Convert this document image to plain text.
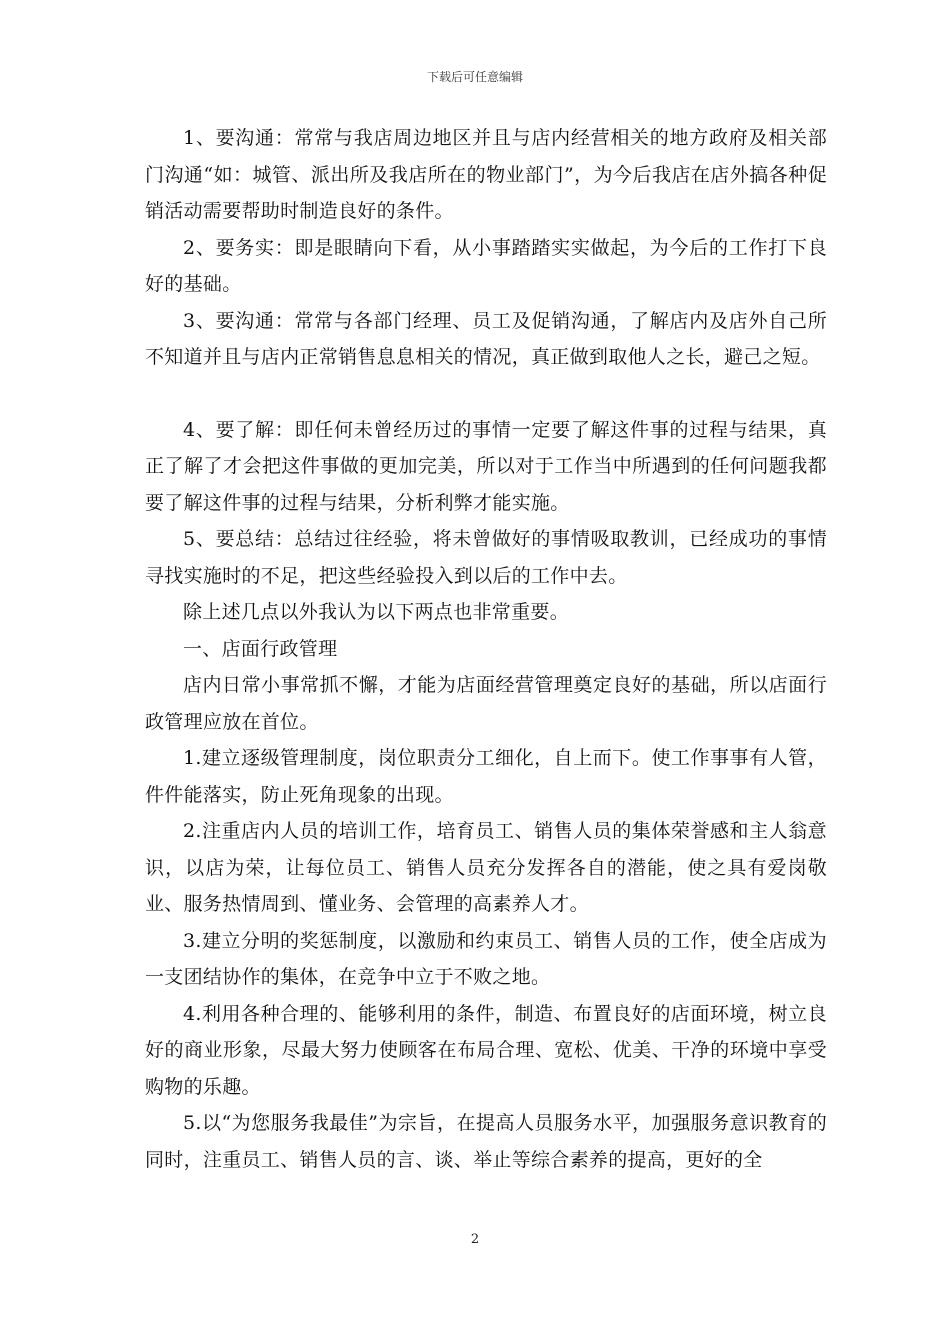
下载后可任意编辑

1、要沟通：常常与我店周边地区并且与店内经营相关的地方政府及相关部门沟通“如：城管、派出所及我店所在的物业部门”，为今后我店在店外搞各种促销活动需要帮助时制造良好的条件。

2、要务实：即是眼睛向下看，从小事踏踏实实做起，为今后的工作打下良好的基础。

3、要沟通：常常与各部门经理、员工及促销沟通，了解店内及店外自己所不知道并且与店内正常销售息息相关的情况，真正做到取他人之长，避己之短。

4、要了解：即任何未曾经历过的事情一定要了解这件事的过程与结果，真正了解了才会把这件事做的更加完美，所以对于工作当中所遇到的任何问题我都要了解这件事的过程与结果，分析利弊才能实施。

5、要总结：总结过往经验，将未曾做好的事情吸取教训，已经成功的事情寻找实施时的不足，把这些经验投入到以后的工作中去。

除上述几点以外我认为以下两点也非常重要。

一、店面行政管理

店内日常小事常抓不懈，才能为店面经营管理奠定良好的基础，所以店面行政管理应放在首位。

1.建立逐级管理制度，岗位职责分工细化，自上而下。使工作事事有人管，件件能落实，防止死角现象的出现。

2.注重店内人员的培训工作，培育员工、销售人员的集体荣誉感和主人翁意识，以店为荣，让每位员工、销售人员充分发挥各自的潜能，使之具有爱岗敬业、服务热情周到、懂业务、会管理的高素养人才。

3.建立分明的奖惩制度，以激励和约束员工、销售人员的工作，使全店成为一支团结协作的集体，在竞争中立于不败之地。

4.利用各种合理的、能够利用的条件，制造、布置良好的店面环境，树立良好的商业形象，尽最大努力使顾客在布局合理、宽松、优美、干净的环境中享受购物的乐趣。

5.以“为您服务我最佳”为宗旨，在提高人员服务水平，加强服务意识教育的同时，注重员工、销售人员的言、谈、举止等综合素养的提高，更好的全

2
